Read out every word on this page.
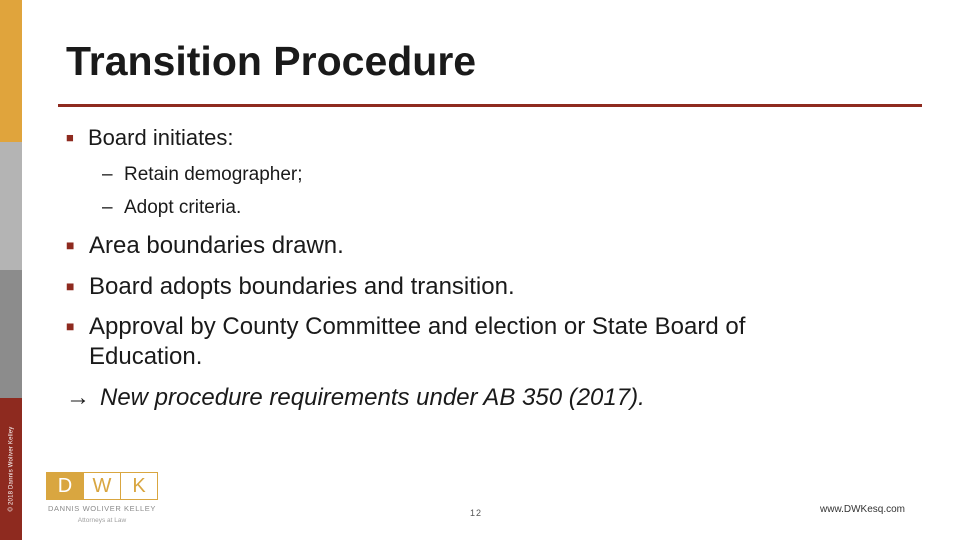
© 2018 Dannis Woliver Kelley
Transition Procedure
■ Board initiates:
– Retain demographer;
– Adopt criteria.
■ Area boundaries drawn.
■ Board adopts boundaries and transition.
■ Approval by County Committee and election or State Board of
Education.
→ New procedure requirements under AB 350 (2017).
D	W	K
DANNIS WOLIVER KELLEY
Attorneys at Law
12	www.DWKesq.com
